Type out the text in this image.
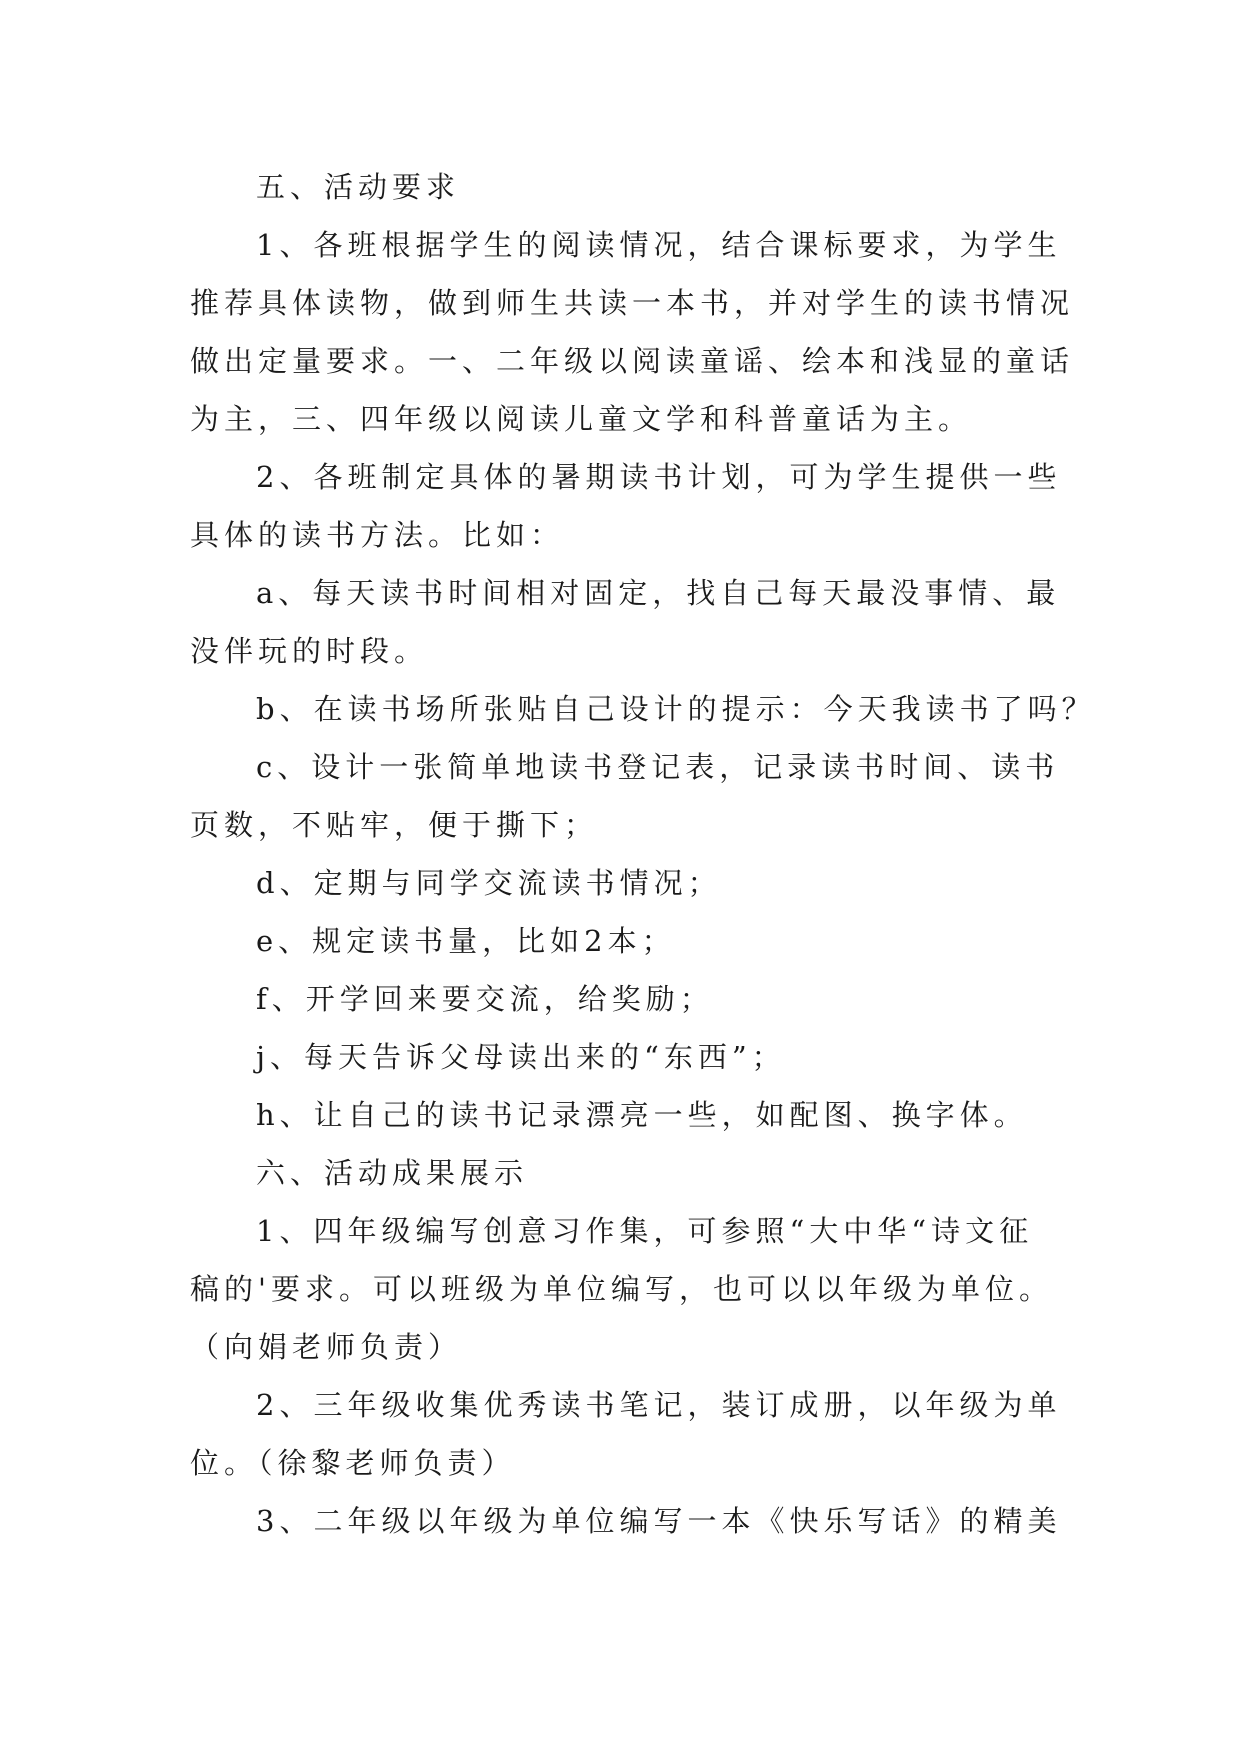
五、活动要求
1、各班根据学生的阅读情况，结合课标要求，为学生
推荐具体读物，做到师生共读一本书，并对学生的读书情况
做出定量要求。一、二年级以阅读童谣、绘本和浅显的童话
为主，三、四年级以阅读儿童文学和科普童话为主。
2、各班制定具体的暑期读书计划，可为学生提供一些
具体的读书方法。比如：
a、每天读书时间相对固定，找自己每天最没事情、最
没伴玩的时段。
b、在读书场所张贴自己设计的提示：今天我读书了吗？
c、设计一张简单地读书登记表，记录读书时间、读书
页数，不贴牢，便于撕下；
d、定期与同学交流读书情况；
e、规定读书量，比如2本；
f、开学回来要交流，给奖励；
j、每天告诉父母读出来的“东西”；
h、让自己的读书记录漂亮一些，如配图、换字体。
六、活动成果展示
1、四年级编写创意习作集，可参照“大中华“诗文征
稿的'要求。可以班级为单位编写，也可以以年级为单位。
（向娟老师负责）
2、三年级收集优秀读书笔记，装订成册，以年级为单
位。（徐黎老师负责）
3、二年级以年级为单位编写一本《快乐写话》的精美
